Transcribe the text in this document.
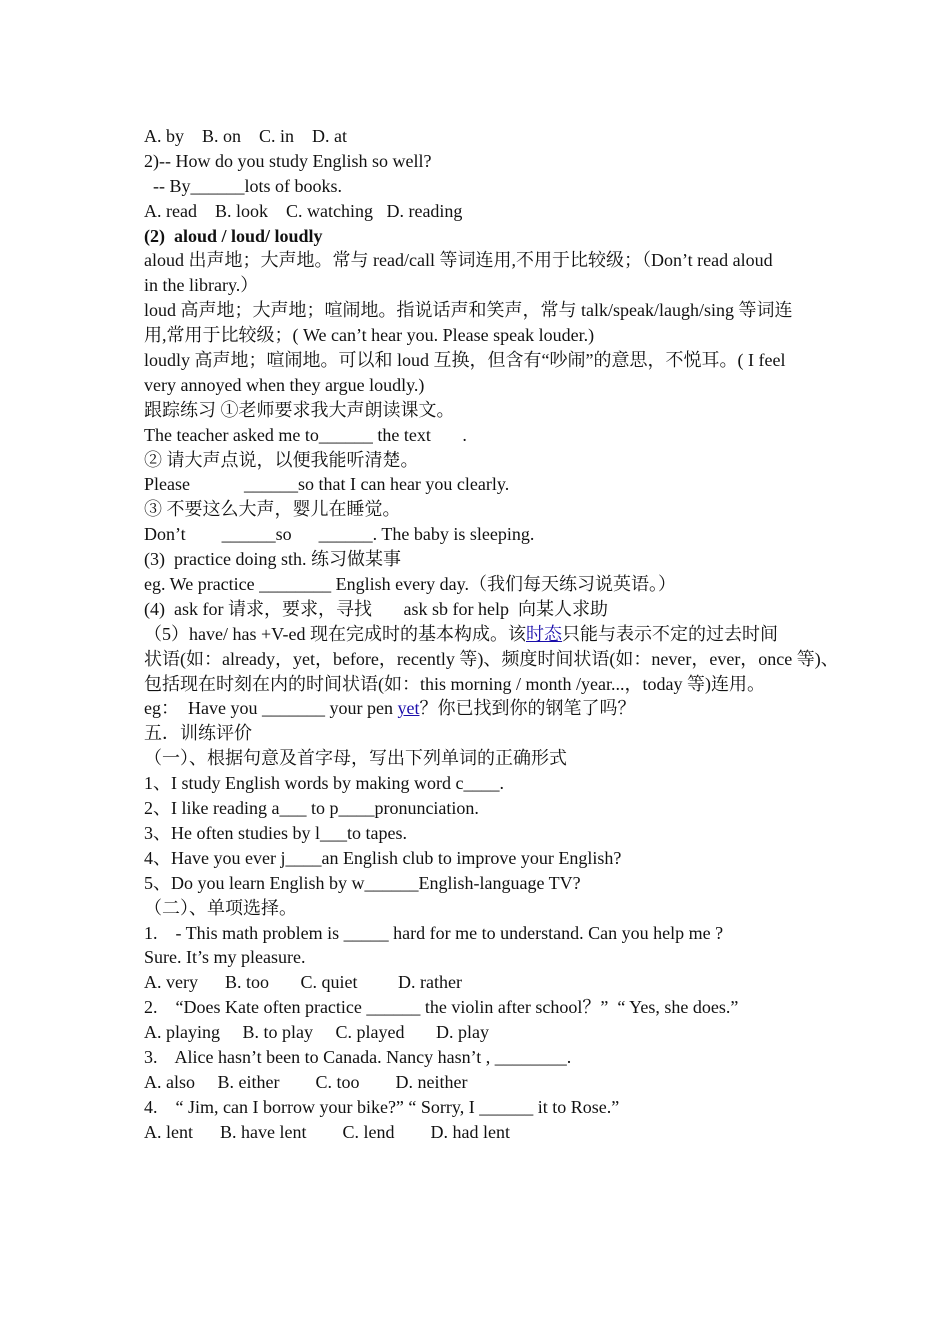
A. by    B. on    C. in    D. at
2)-- How do you study English so well?
-- By______lots of books.
A. read    B. look    C. watching   D. reading
(2)  aloud / loud/ loudly
aloud 出声地；大声地。常与 read/call 等词连用,不用于比较级；（Don’t read aloud
in the library.）
loud 高声地；大声地；喧闹地。指说话声和笑声，常与 talk/speak/laugh/sing 等词连
用,常用于比较级；( We can’t hear you. Please speak louder.)
loudly 高声地；喧闹地。可以和 loud 互换，但含有“吵闹”的意思，不悦耳。( I feel
very annoyed when they argue loudly.)
跟踪练习 ①老师要求我大声朗读课文。
The teacher asked me to______ the text       .
② 请大声点说，以便我能听清楚。
Please            ______so that I can hear you clearly.
③ 不要这么大声，婴儿在睡觉。
Don’t        ______so      ______. The baby is sleeping.
(3)  practice doing sth. 练习做某事
eg. We practice ________ English every day.（我们每天练习说英语。）
(4)  ask for 请求，要求，寻找       ask sb for help  向某人求助
（5）have/ has +V-ed 现在完成时的基本构成。该时态只能与表示不定的过去时间
状语(如：already，yet，before，recently 等)、频度时间状语(如：never，ever，once 等)、
包括现在时刻在内的时间状语(如：this morning / month /year...，today 等)连用。
eg：  Have you _______ your pen yet？你已找到你的钢笔了吗？
五．训练评价
（一）、根据句意及首字母，写出下列单词的正确形式
1、I study English words by making word c____.
2、I like reading a___ to p____pronunciation.
3、He often studies by l___to tapes.
4、Have you ever j____an English club to improve your English?
5、Do you learn English by w______English-language TV?
（二）、单项选择。
1.    - This math problem is _____ hard for me to understand. Can you help me ?
Sure. It’s my pleasure.
A. very      B. too       C. quiet         D. rather
2.    “Does Kate often practice ______ the violin after school？”  “ Yes, she does.”
A. playing     B. to play     C. played       D. play
3.    Alice hasn’t been to Canada. Nancy hasn’t , ________.
A. also     B. either        C. too        D. neither
4.    “ Jim, can I borrow your bike?” “ Sorry, I ______ it to Rose.”
A. lent      B. have lent        C. lend        D. had lent
